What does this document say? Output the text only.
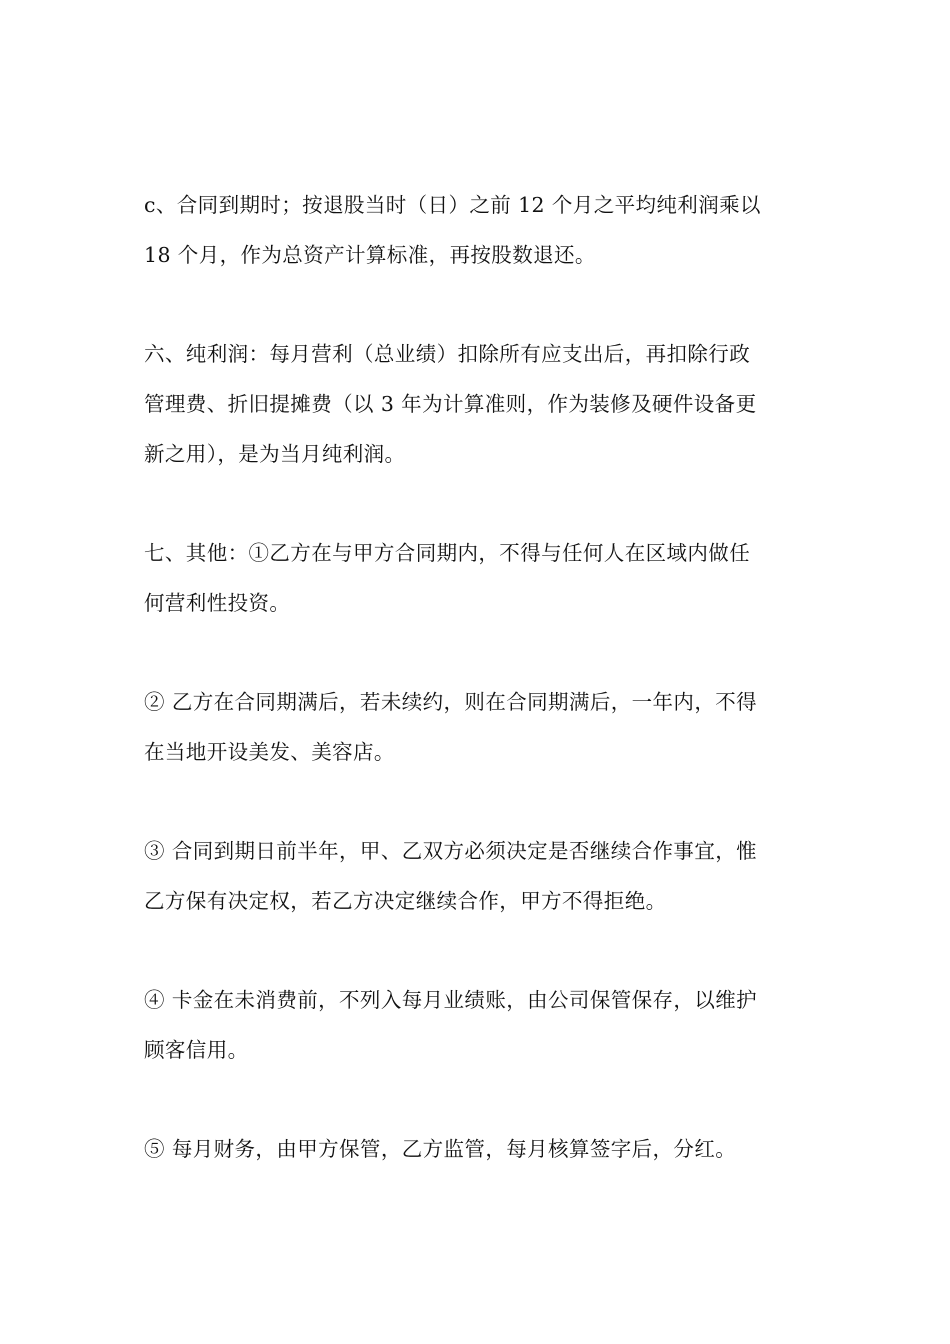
c、合同到期时；按退股当时（日）之前 12 个月之平均纯利润乘以
18 个月，作为总资产计算标准，再按股数退还。

六、纯利润：每月营利（总业绩）扣除所有应支出后，再扣除行政
管理费、折旧提摊费（以 3 年为计算准则，作为装修及硬件设备更
新之用），是为当月纯利润。

七、其他：①乙方在与甲方合同期内，不得与任何人在区域内做任
何营利性投资。

② 乙方在合同期满后，若未续约，则在合同期满后，一年内，不得
在当地开设美发、美容店。

③ 合同到期日前半年，甲、乙双方必须决定是否继续合作事宜，惟
乙方保有决定权，若乙方决定继续合作，甲方不得拒绝。

④ 卡金在未消费前，不列入每月业绩账，由公司保管保存，以维护
顾客信用。

⑤ 每月财务，由甲方保管，乙方监管，每月核算签字后，分红。
